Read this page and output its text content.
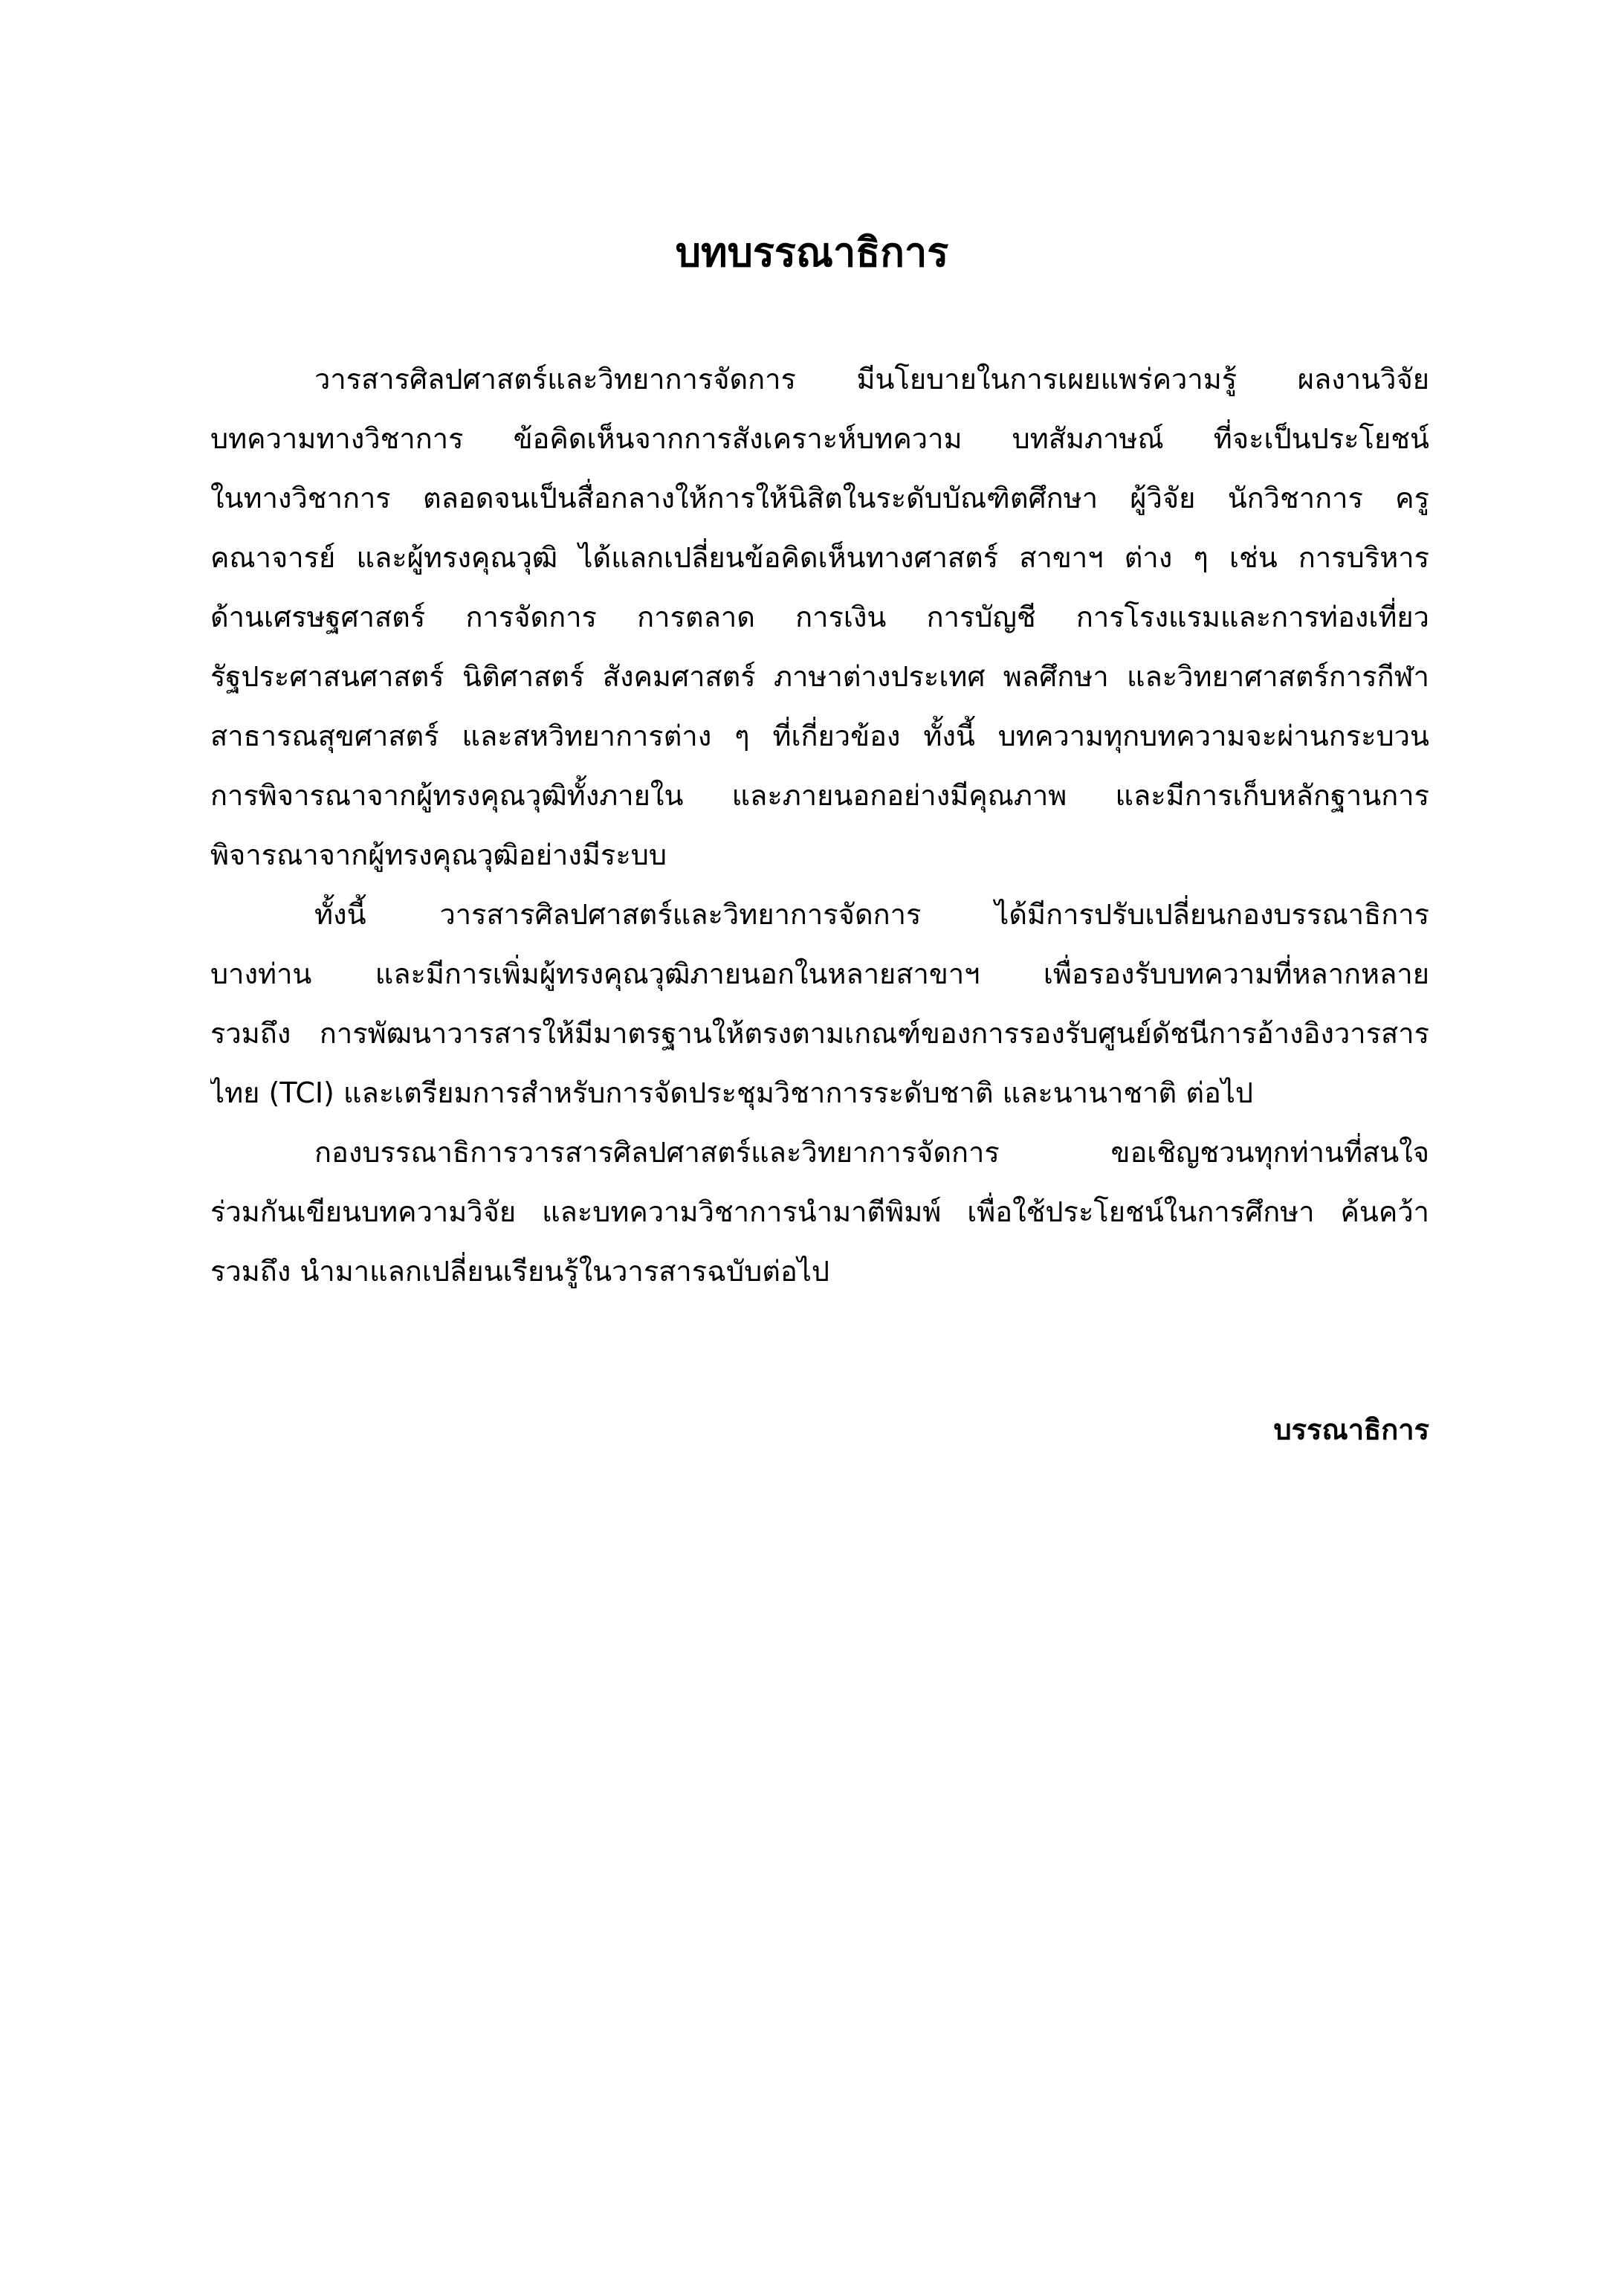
บทบรรณาธิการ
วารสารศิลปศาสตร์และวิทยาการจัดการ มีนโยบายในการเผยแพร่ความรู้ ผลงานวิจัย
บทความทางวิชาการ ข้อคิดเห็นจากการสังเคราะห์บทความ บทสัมภาษณ์ ที่จะเป็นประโยชน์
ในทางวิชาการ ตลอดจนเป็นสื่อกลางให้การให้นิสิตในระดับบัณฑิตศึกษา ผู้วิจัย นักวิชาการ ครู
คณาจารย์ และผู้ทรงคุณวุฒิ ได้แลกเปลี่ยนข้อคิดเห็นทางศาสตร์ สาขาฯ ต่าง ๆ เช่น การบริหาร
ด้านเศรษฐศาสตร์ การจัดการ การตลาด การเงิน การบัญชี การโรงแรมและการท่องเที่ยว
รัฐประศาสนศาสตร์ นิติศาสตร์ สังคมศาสตร์ ภาษาต่างประเทศ พลศึกษา และวิทยาศาสตร์การกีฬา
สาธารณสุขศาสตร์ และสหวิทยาการต่าง ๆ ที่เกี่ยวข้อง ทั้งนี้ บทความทุกบทความจะผ่านกระบวน
การพิจารณาจากผู้ทรงคุณวุฒิทั้งภายใน และภายนอกอย่างมีคุณภาพ และมีการเก็บหลักฐานการ
พิจารณาจากผู้ทรงคุณวุฒิอย่างมีระบบ
ทั้งนี้ วารสารศิลปศาสตร์และวิทยาการจัดการ ได้มีการปรับเปลี่ยนกองบรรณาธิการ
บางท่าน และมีการเพิ่มผู้ทรงคุณวุฒิภายนอกในหลายสาขาฯ เพื่อรองรับบทความที่หลากหลาย
รวมถึง การพัฒนาวารสารให้มีมาตรฐานให้ตรงตามเกณฑ์ของการรองรับศูนย์ดัชนีการอ้างอิงวารสาร
ไทย (TCI) และเตรียมการสำหรับการจัดประชุมวิชาการระดับชาติ และนานาชาติ ต่อไป
กองบรรณาธิการวารสารศิลปศาสตร์และวิทยาการจัดการ ขอเชิญชวนทุกท่านที่สนใจ
ร่วมกันเขียนบทความวิจัย และบทความวิชาการนำมาตีพิมพ์ เพื่อใช้ประโยชน์ในการศึกษา ค้นคว้า
รวมถึง นำมาแลกเปลี่ยนเรียนรู้ในวารสารฉบับต่อไป
บรรณาธิการ
